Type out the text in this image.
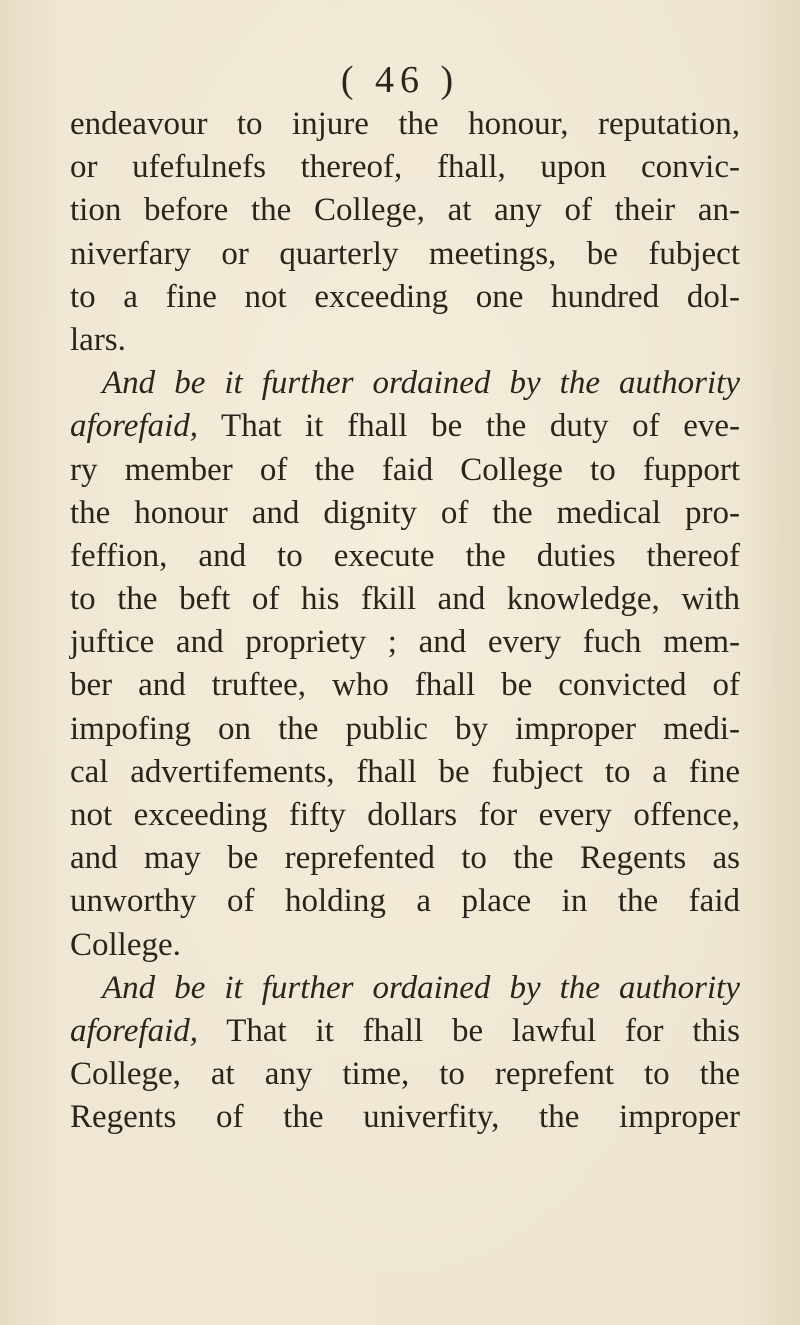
( 46 )
endeavour to injure the honour, reputation,
or ufefulnefs thereof, fhall, upon convic-
tion before the College, at any of their an-
niverfary or quarterly meetings, be fubject
to a fine not exceeding one hundred dol-
lars.
And be it further ordained by the authority
aforefaid, That it fhall be the duty of eve-
ry member of the faid College to fupport
the honour and dignity of the medical pro-
feffion, and to execute the duties thereof
to the beft of his fkill and knowledge, with
juftice and propriety ; and every fuch mem-
ber and truftee, who fhall be convicted of
impofing on the public by improper medi-
cal advertifements, fhall be fubject to a fine
not exceeding fifty dollars for every offence,
and may be reprefented to the Regents as
unworthy of holding a place in the faid
College.
And be it further ordained by the authority
aforefaid, That it fhall be lawful for this
College, at any time, to reprefent to the
Regents of the univerfity, the improper
